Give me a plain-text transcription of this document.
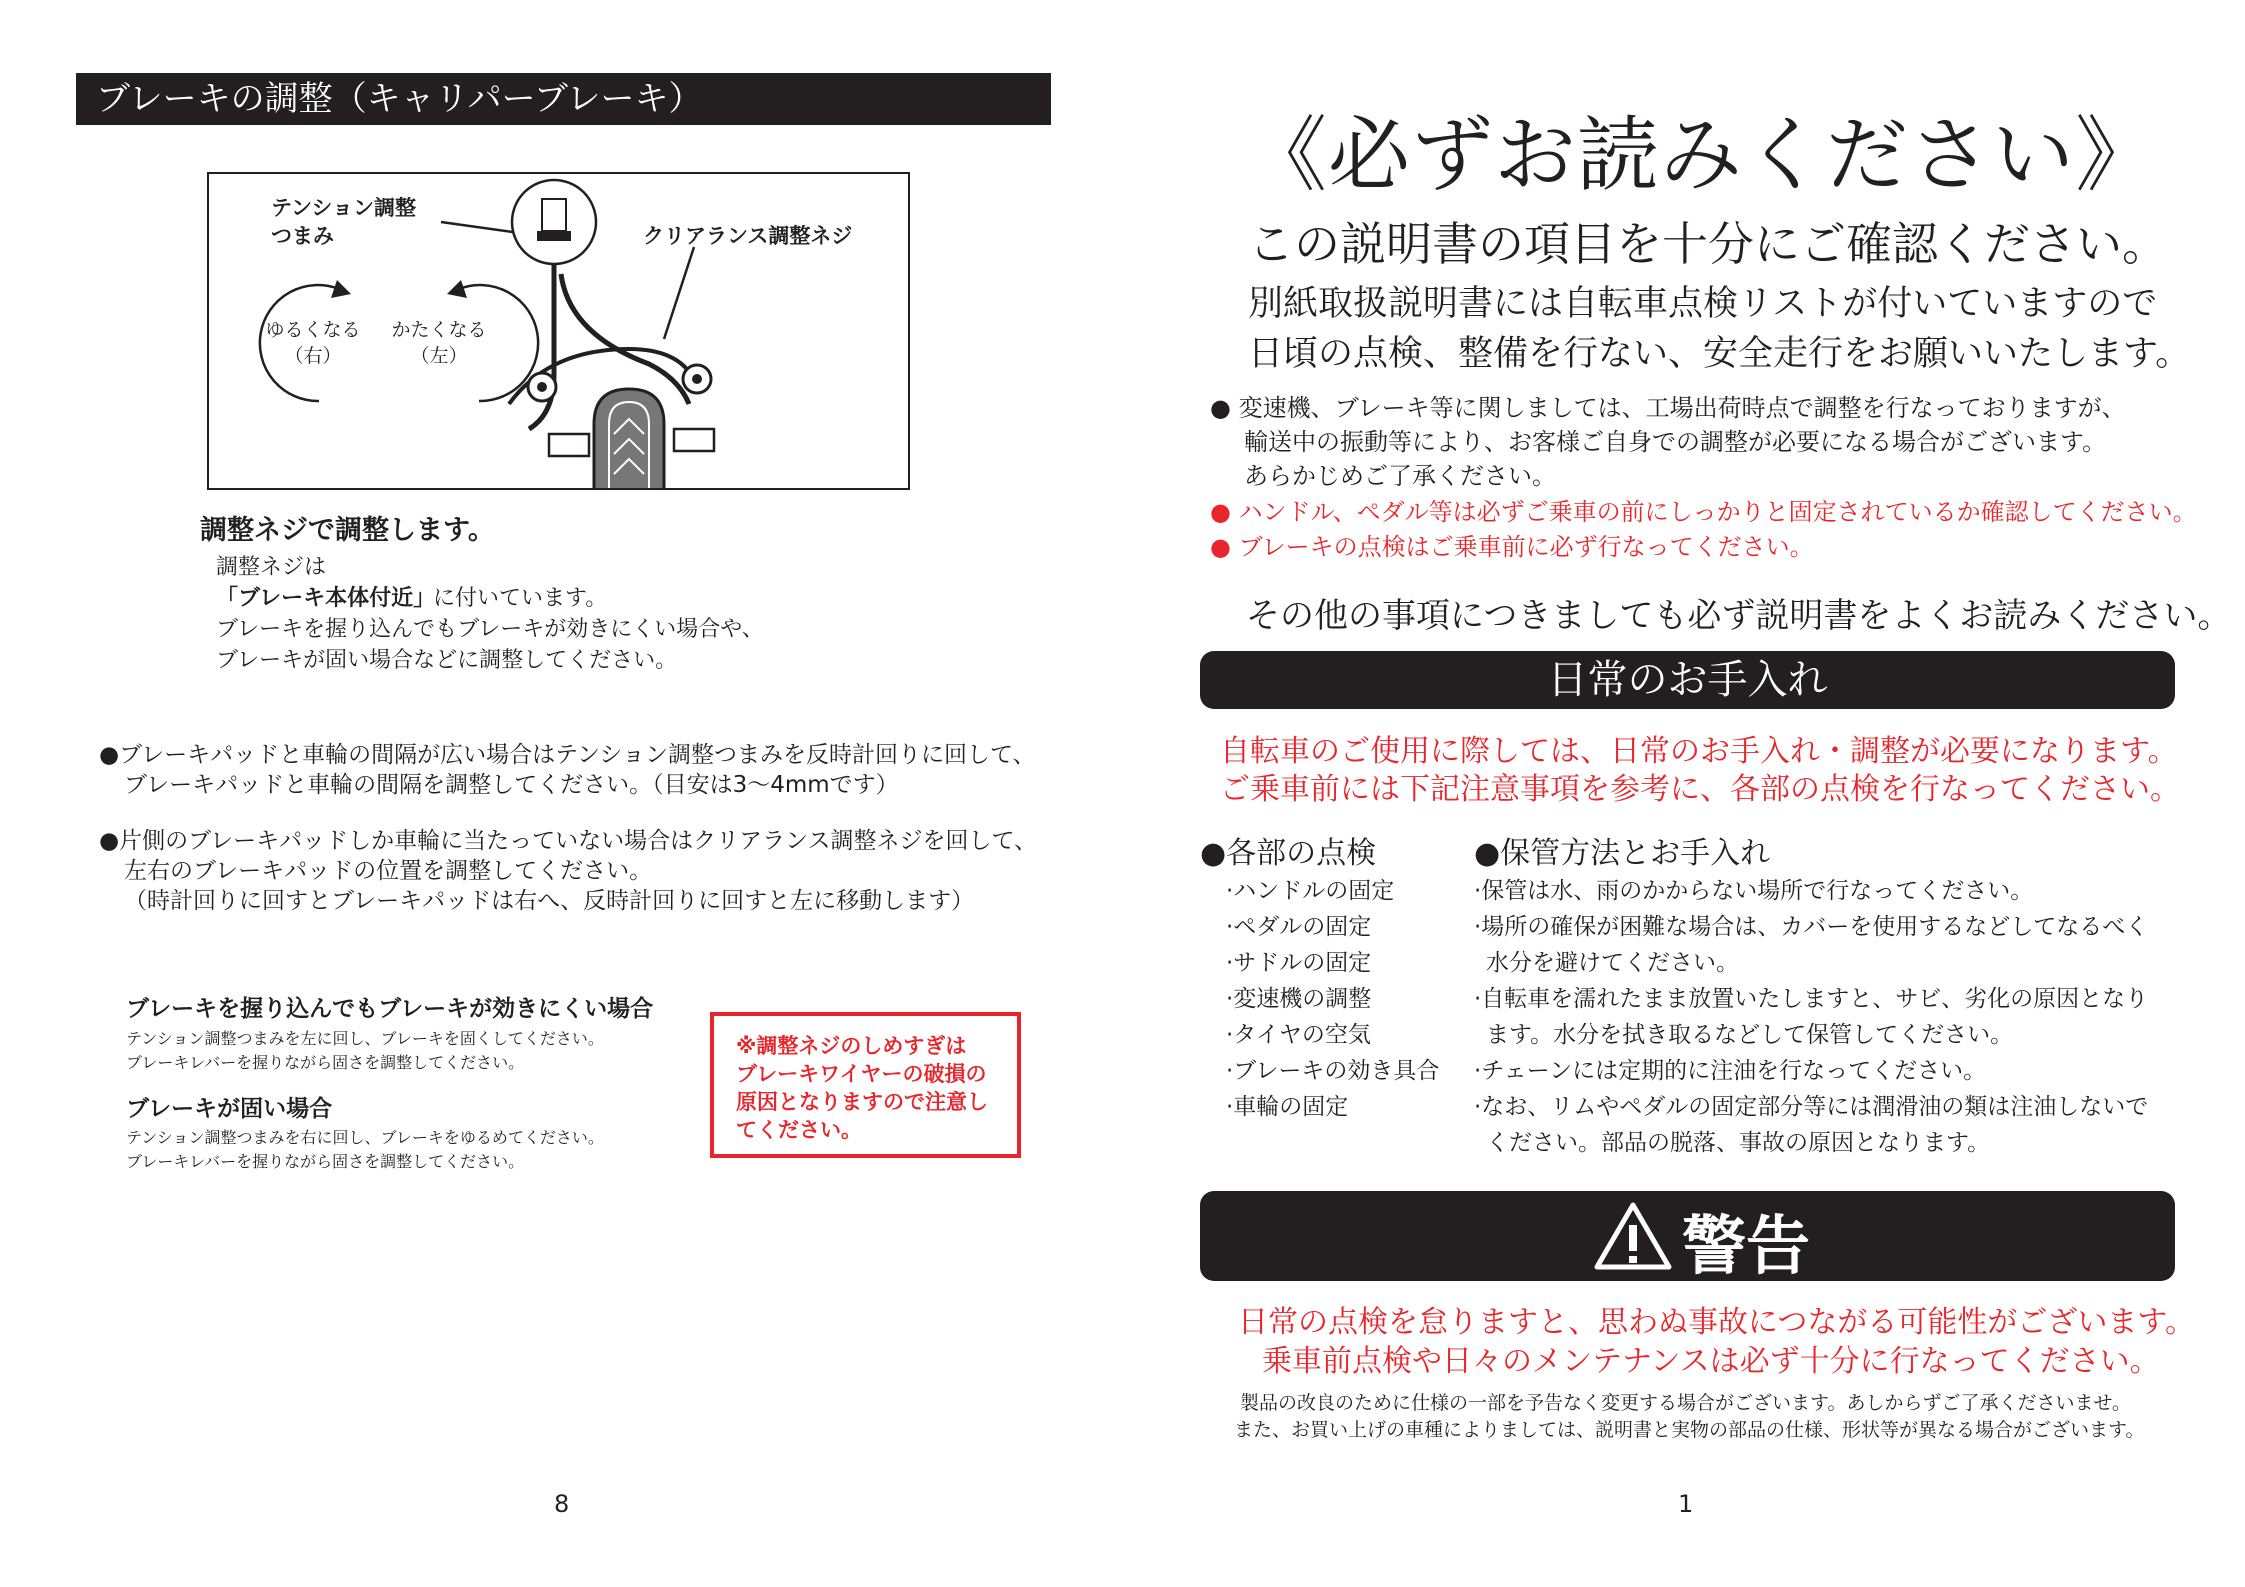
ブレーキの調整（キャリパーブレーキ）
テンション調整
つまみ	クリアランス調整ネジ
ゆるくなる
（右）
かたくなる
（左）
調整ネジで調整します。
調整ネジは
「ブレーキ本体付近」
に付いています。
ブレーキを握り込んでもブレーキが効きにくい場合や、
ブレーキが固い場合などに調整してください。
●ブレーキパッドと車輪の間隔が広い場合はテンション調整つまみを反時計回りに回して、
ブレーキパッドと車輪の間隔を調整してください。（目安は3〜4mmです）
●片側のブレーキパッドしか車輪に当たっていない場合はクリアランス調整ネジを回して、
左右のブレーキパッドの位置を調整してください。
（時計回りに回すとブレーキパッドは右へ、反時計回りに回すと左に移動します）
ブレーキを握り込んでもブレーキが効きにくい場合
テンション調整つまみを左に回し、ブレーキを固くしてください。
ブレーキレバーを握りながら固さを調整してください。
ブレーキが固い場合
テンション調整つまみを右に回し、ブレーキをゆるめてください。
ブレーキレバーを握りながら固さを調整してください。
※調整ネジのしめすぎは
ブレーキワイヤーの破損の
原因となりますので注意し
てください。
8
《必ずお読みください》
この説明書の項目を十分にご確認ください。
別紙取扱説明書には自転車点検リストが付いていますので
日頃の点検、整備を行ない、安全走行をお願いいたします。
● 変速機、ブレーキ等に関しましては、工場出荷時点で調整を行なっておりますが、
輸送中の振動等により、お客様ご自身での調整が必要になる場合がございます。
あらかじめご了承ください。
● ハンドル、ペダル等は必ずご乗車の前にしっかりと固定されているか確認してください。
● ブレーキの点検はご乗車前に必ず行なってください。
その他の事項につきましても必ず説明書をよくお読みください。
日常のお手入れ
自転車のご使用に際しては、日常のお手入れ・調整が必要になります。
ご乗車前には下記注意事項を参考に、各部の点検を行なってください。
●各部の点検
·ハンドルの固定
·ペダルの固定
·サドルの固定
·変速機の調整
·タイヤの空気
·ブレーキの効き具合
·車輪の固定
●保管方法とお手入れ
·保管は水、雨のかからない場所で行なってください。
·場所の確保が困難な場合は、カバーを使用するなどしてなるべく
水分を避けてください。
·自転車を濡れたまま放置いたしますと、サビ、劣化の原因となり
ます。水分を拭き取るなどして保管してください。
·チェーンには定期的に注油を行なってください。
·なお、リムやペダルの固定部分等には潤滑油の類は注油しないで
ください。部品の脱落、事故の原因となります。
警告
日常の点検を怠りますと、思わぬ事故につながる可能性がございます。
乗車前点検や日々のメンテナンスは必ず十分に行なってください。
製品の改良のために仕様の一部を予告なく変更する場合がございます。あしからずご了承くださいませ。
また、お買い上げの車種によりましては、説明書と実物の部品の仕様、形状等が異なる場合がございます。
1
